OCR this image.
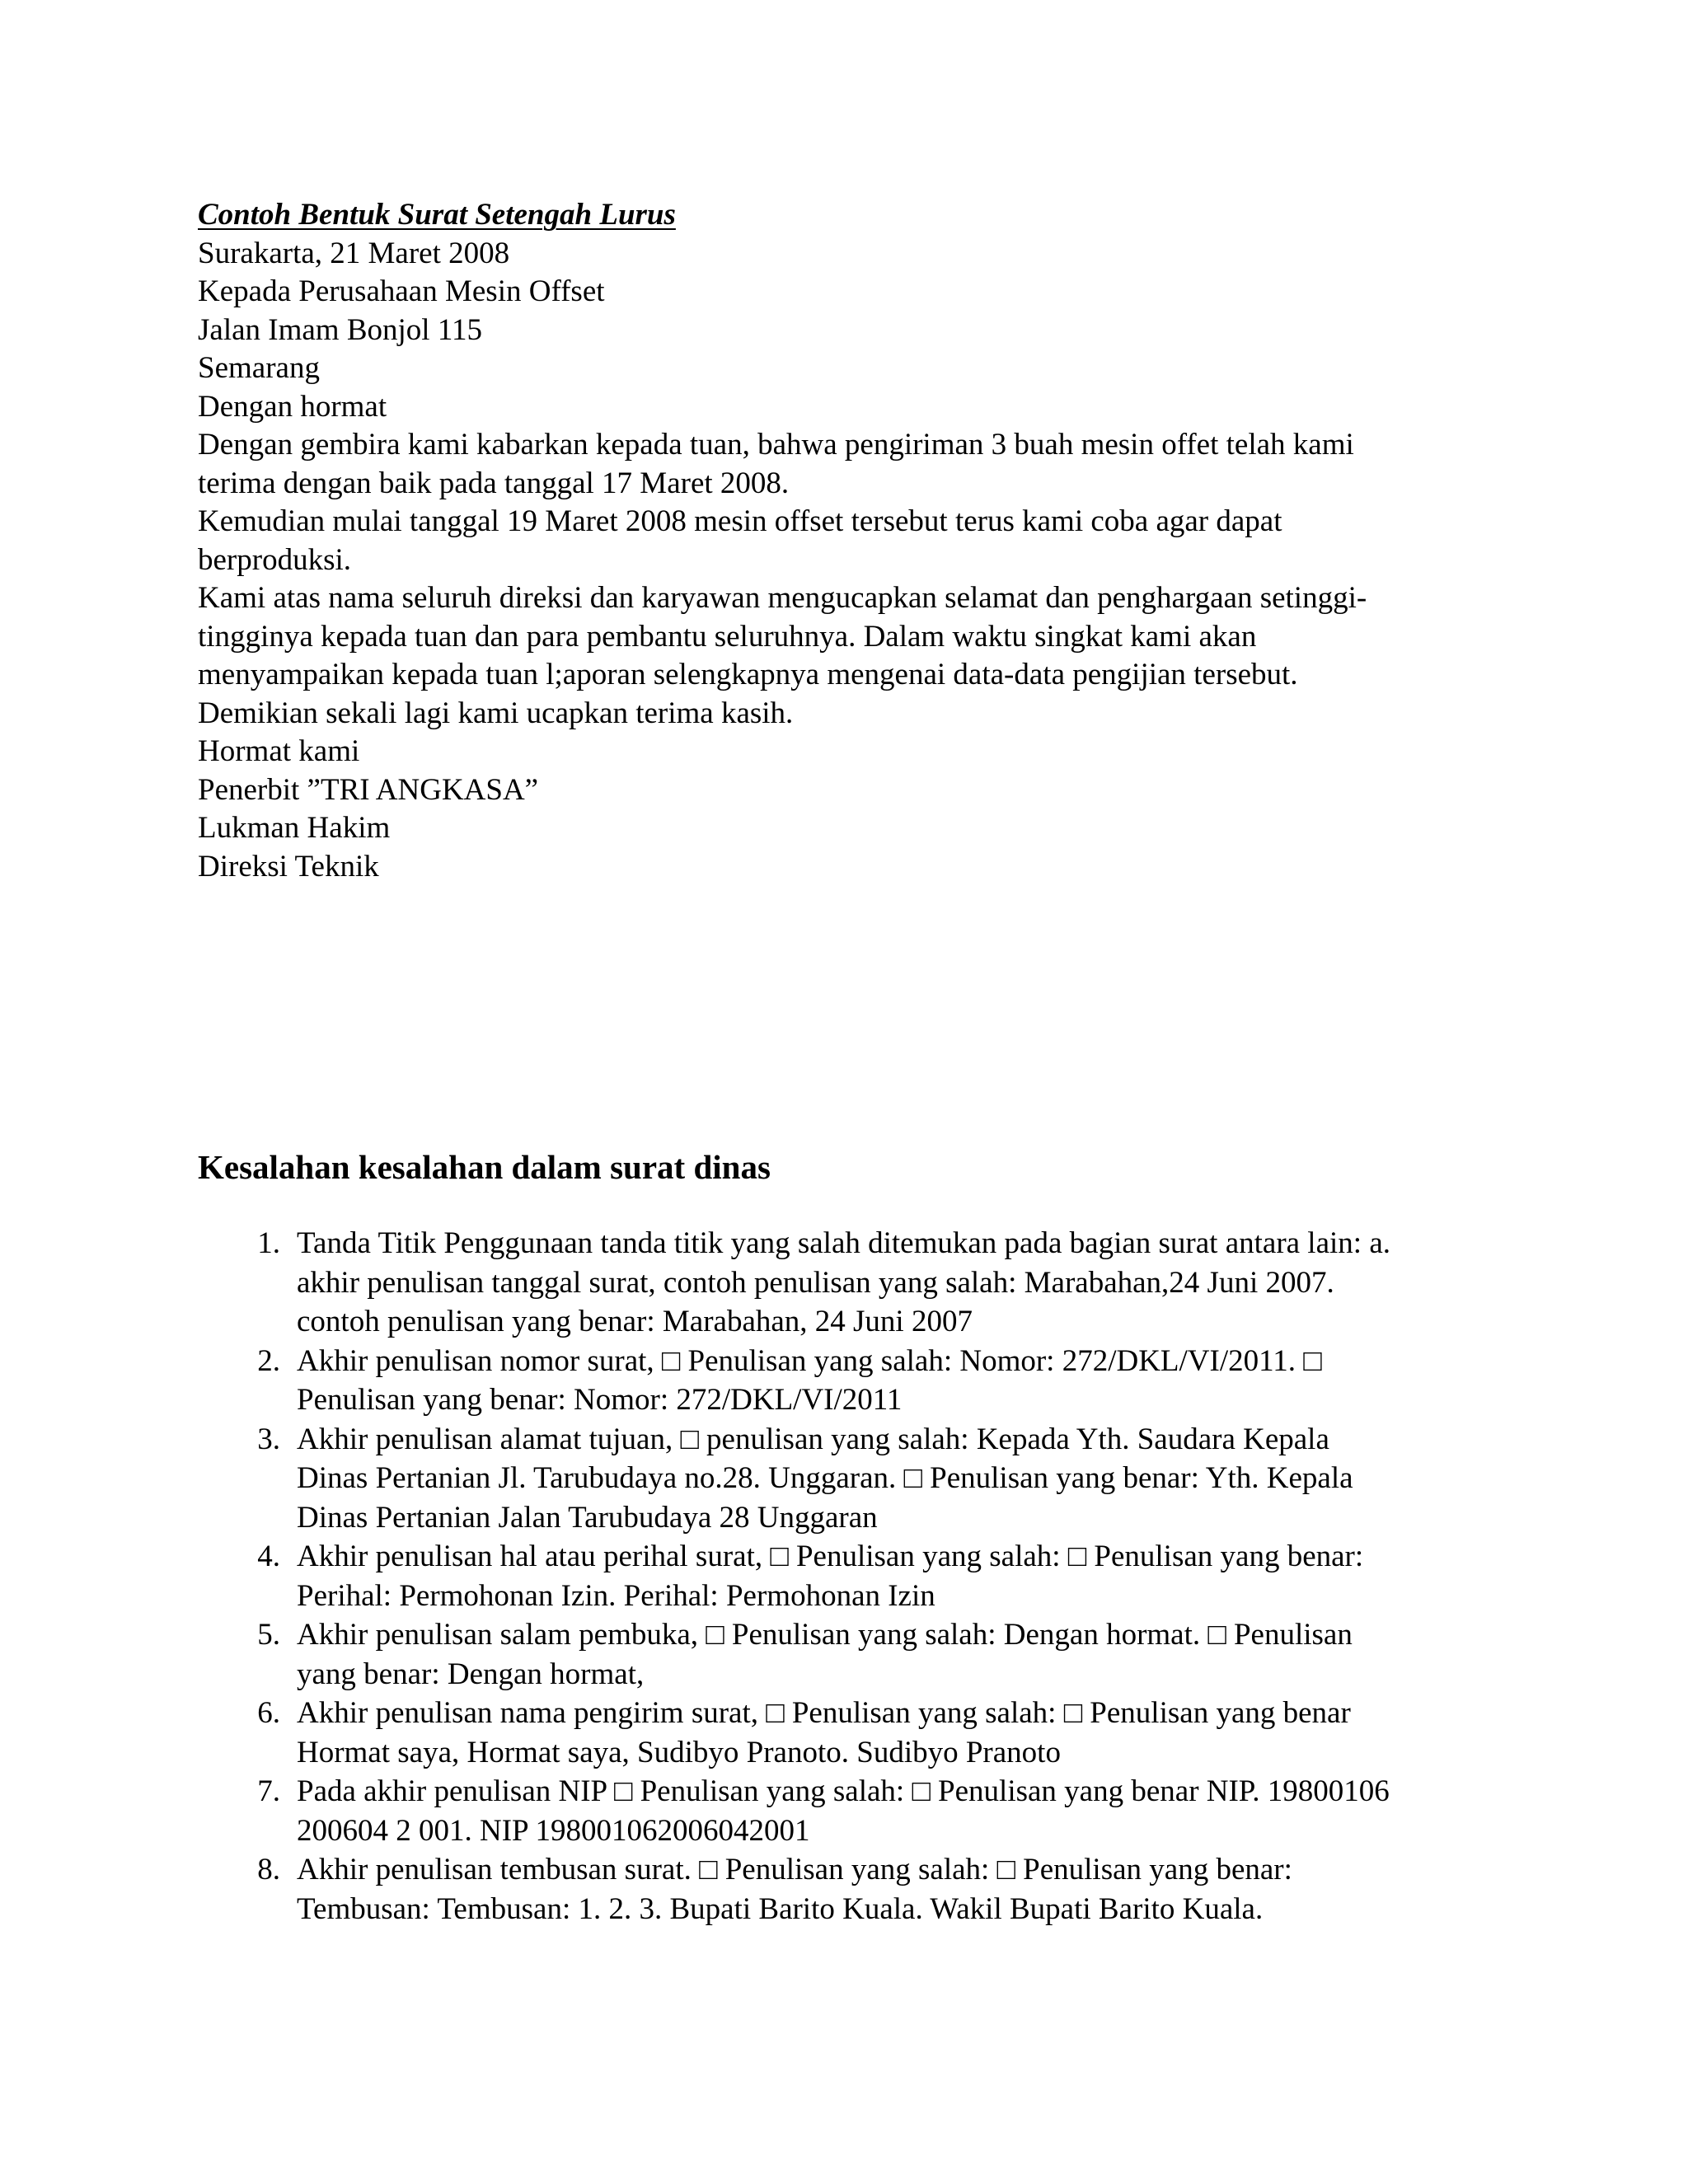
Contoh Bentuk Surat Setengah Lurus

Surakarta, 21 Maret 2008

Kepada Perusahaan Mesin Offset

Jalan Imam Bonjol 115

Semarang

Dengan hormat

Dengan gembira kami kabarkan kepada tuan, bahwa pengiriman 3 buah mesin offet telah kami

terima dengan baik pada tanggal 17 Maret 2008.

Kemudian mulai tanggal 19 Maret 2008 mesin offset tersebut terus kami coba agar dapat

berproduksi.

Kami atas nama seluruh direksi dan karyawan mengucapkan selamat dan penghargaan setinggi-

tingginya kepada tuan dan para pembantu seluruhnya. Dalam waktu singkat kami akan

menyampaikan kepada tuan l;aporan selengkapnya mengenai data-data pengijian tersebut.

Demikian sekali lagi kami ucapkan terima kasih.

Hormat kami

Penerbit ”TRI ANGKASA”

Lukman Hakim

Direksi Teknik

Kesalahan kesalahan dalam surat dinas
1. Tanda Titik Penggunaan tanda titik yang salah ditemukan pada bagian surat antara lain: a.

akhir penulisan tanggal surat, contoh penulisan yang salah: Marabahan,24 Juni 2007.

contoh penulisan yang benar: Marabahan, 24 Juni 2007

2. Akhir penulisan nomor surat, □ Penulisan yang salah: Nomor: 272/DKL/VI/2011. □

Penulisan yang benar: Nomor: 272/DKL/VI/2011

3. Akhir penulisan alamat tujuan, □ penulisan yang salah: Kepada Yth. Saudara Kepala

Dinas Pertanian Jl. Tarubudaya no.28. Unggaran. □ Penulisan yang benar: Yth. Kepala

Dinas Pertanian Jalan Tarubudaya 28 Unggaran

4. Akhir penulisan hal atau perihal surat, □ Penulisan yang salah: □ Penulisan yang benar:

Perihal: Permohonan Izin. Perihal: Permohonan Izin

5. Akhir penulisan salam pembuka, □ Penulisan yang salah: Dengan hormat. □ Penulisan

yang benar: Dengan hormat,

6. Akhir penulisan nama pengirim surat, □ Penulisan yang salah: □ Penulisan yang benar

Hormat saya, Hormat saya, Sudibyo Pranoto. Sudibyo Pranoto

7. Pada akhir penulisan NIP □ Penulisan yang salah: □ Penulisan yang benar NIP. 19800106

200604 2 001. NIP 198001062006042001

8. Akhir penulisan tembusan surat. □ Penulisan yang salah: □ Penulisan yang benar:

Tembusan: Tembusan: 1. 2. 3. Bupati Barito Kuala. Wakil Bupati Barito Kuala.
